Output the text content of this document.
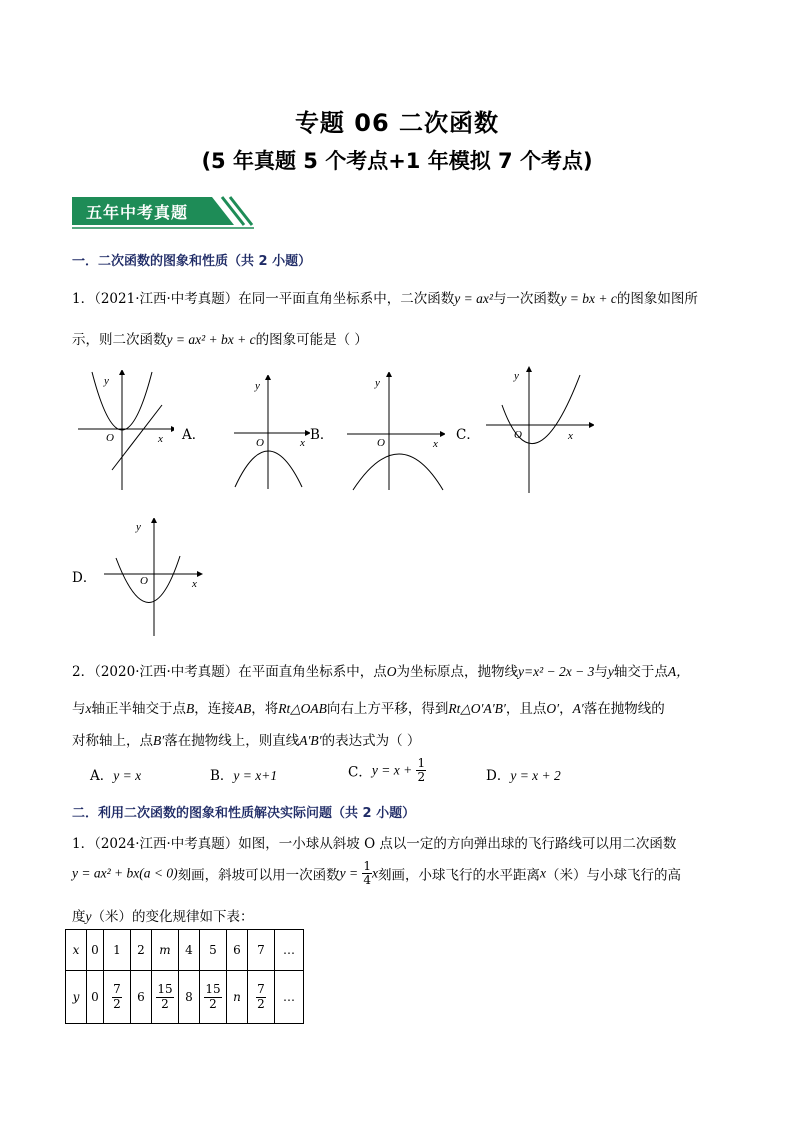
专题 06 二次函数
(5 年真题 5 个考点+1 年模拟 7 个考点)
五年中考真题
一．二次函数的图象和性质（共 2 小题）
1．（2021·江西·中考真题）在同一平面直角坐标系中，二次函数y = ax²与一次函数y = bx + c的图象如图所
示，则二次函数y = ax² + bx + c的图象可能是（ ）
y
x
O	A．
y
x
O	B．
y
x
O	C．
y
x
O
D．
y
x
O
2．（2020·江西·中考真题）在平面直角坐标系中，点O为坐标原点，抛物线y=x² − 2x − 3与y轴交于点A，
与x轴正半轴交于点B，连接AB，将Rt△OAB向右上方平移，得到Rt△O′A′B′，且点O′，A′落在抛物线的
对称轴上，点B′落在抛物线上，则直线A′B′的表达式为（ ）
A．y = x	B．y = x+1	C．$y = x + \frac{1}{2}$	D．y = x + 2
二．利用二次函数的图象和性质解决实际问题（共 2 小题）
1．（2024·江西·中考真题）如图，一小球从斜坡 O 点以一定的方向弹出球的飞行路线可以用二次函数
y = ax² + bx(a < 0)刻画，斜坡可以用一次函数$y = \frac{1}{4}$ x刻画，小球飞行的水平距离x（米）与小球飞行的高
度y（米）的变化规律如下表：
x	0	1	2	m	4	5	6	7	…
y	0	$\frac{7}{2}$	6	$\frac{15}{2}$	8	$\frac{15}{2}$	n	$\frac{7}{2}$	…
